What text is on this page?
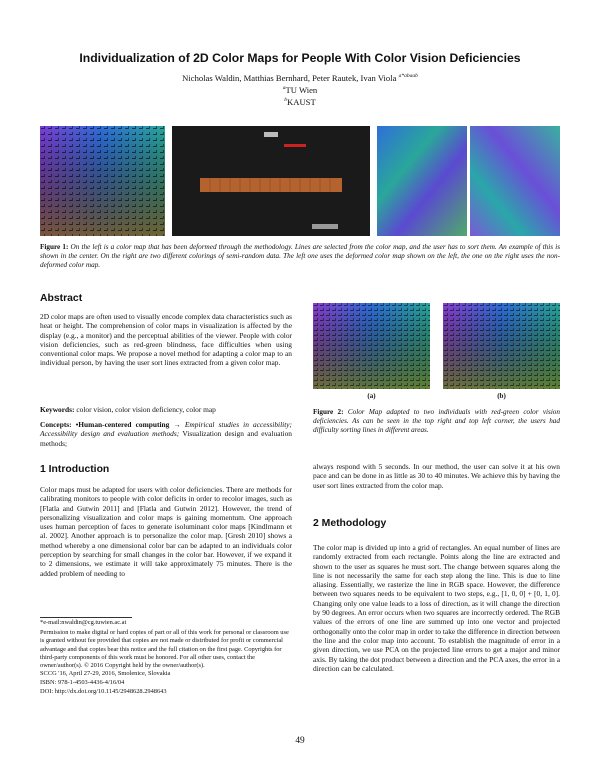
Individualization of 2D Color Maps for People With Color Vision Deficiencies
Nicholas Waldin, Matthias Bernhard, Peter Rautek, Ivan Viola $^{a*abaab}$
$^a$TU Wien
$^b$KAUST
Figure 1: On the left is a color map that has been deformed through the methodology. Lines are selected from the color map, and the user has to sort them. An example of this is shown in the center. On the right are two different colorings of semi-random data. The left one uses the deformed color map shown on the left, the one on the right uses the non-deformed color map.
Abstract

2D color maps are often used to visually encode complex data characteristics such as heat or height. The comprehension of color maps in visualization is affected by the display (e.g., a monitor) and the perceptual abilities of the viewer. People with color vision deficiencies, such as red-green blindness, face difficulties when using conventional color maps. We propose a novel method for adapting a color map to an individual person, by having the user sort lines extracted from a given color map.

Keywords: color vision, color vision deficiency, color map

Concepts: •Human-centered computing → Empirical studies in accessibility; Accessibility design and evaluation methods; Visualization design and evaluation methods;

1 Introduction

Color maps must be adapted for users with color deficiencies. There are methods for calibrating monitors to people with color deficits in order to recolor images, such as [Flatla and Gutwin 2011] and [Flatla and Gutwin 2012]. However, the trend of personalizing visualization and color maps is gaining momentum. One approach uses human perception of faces to generate isoluminant color maps [Kindlmann et al. 2002]. Another approach is to personalize the color map. [Gresh 2010] shows a method whereby a one dimensional color bar can be adapted to an individuals color perception by searching for small changes in the color bar. However, if we expand it to 2 dimensions, we estimate it will take approximately 75 minutes. There is the added problem of needing to

(a)	(b)
Figure 2: Color Map adapted to two individuals with red-green color vision deficiencies. As can be seen in the top right and top left corner, the users had difficulty sorting lines in different areas.

always respond with 5 seconds. In our method, the user can solve it at his own pace and can be done in as little as 30 to 40 minutes. We achieve this by having the user sort lines extracted from the color map.

2 Methodology

The color map is divided up into a grid of rectangles. An equal number of lines are randomly extracted from each rectangle. Points along the line are extracted and shown to the user as squares he must sort. The change between squares along the line is not necessarily the same for each step along the line. This is due to line aliasing. Essentially, we rasterize the line in RGB space. However, the difference between two squares needs to be equivalent to two steps, e.g., [1, 0, 0] + [0, 1, 0]. Changing only one value leads to a loss of direction, as it will change the direction by 90 degrees. An error occurs when two squares are incorrectly ordered. The RGB values of the errors of one line are summed up into one vector and projected orthogonally onto the color map in order to take the difference in direction between the line and the color map into account. To establish the magnitude of error in a given direction, we use PCA on the projected line errors to get a major and minor axis. By taking the dot product between a direction and the PCA axes, the error in a direction can be calculated.

*e-mail:nwaldin@cg.tuwien.ac.at
Permission to make digital or hard copies of part or all of this work for personal or classroom use is granted without fee provided that copies are not made or distributed for profit or commercial advantage and that copies bear this notice and the full citation on the first page. Copyrights for third-party components of this work must be honored. For all other uses, contact the owner/author(s). © 2016 Copyright held by the owner/author(s).
SCCG '16, April 27-29, 2016, Smolenice, Slovakia
ISBN: 978-1-4503-4436-4/16/04
DOI: http://dx.doi.org/10.1145/2948628.2948643
49
